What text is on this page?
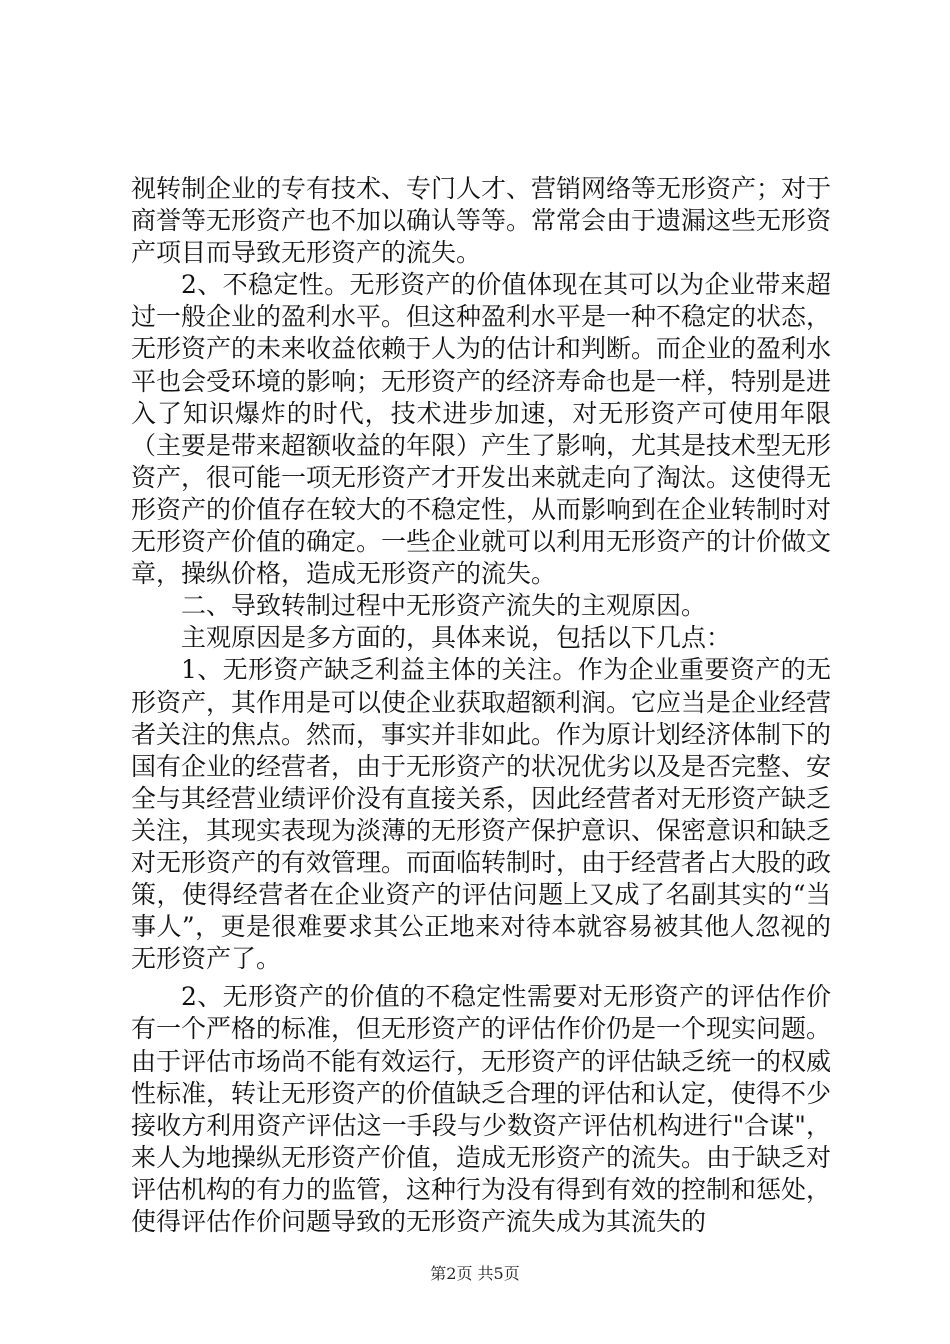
视转制企业的专有技术、专门人才、营销网络等无形资产；对于商誉等无形资产也不加以确认等等。常常会由于遗漏这些无形资产项目而导致无形资产的流失。

2、不稳定性。无形资产的价值体现在其可以为企业带来超过一般企业的盈利水平。但这种盈利水平是一种不稳定的状态，无形资产的未来收益依赖于人为的估计和判断。而企业的盈利水平也会受环境的影响；无形资产的经济寿命也是一样，特别是进入了知识爆炸的时代，技术进步加速，对无形资产可使用年限（主要是带来超额收益的年限）产生了影响，尤其是技术型无形资产，很可能一项无形资产才开发出来就走向了淘汰。这使得无形资产的价值存在较大的不稳定性，从而影响到在企业转制时对无形资产价值的确定。一些企业就可以利用无形资产的计价做文章，操纵价格，造成无形资产的流失。

二、导致转制过程中无形资产流失的主观原因。

主观原因是多方面的，具体来说，包括以下几点：

1、无形资产缺乏利益主体的关注。作为企业重要资产的无形资产，其作用是可以使企业获取超额利润。它应当是企业经营者关注的焦点。然而，事实并非如此。作为原计划经济体制下的国有企业的经营者，由于无形资产的状况优劣以及是否完整、安全与其经营业绩评价没有直接关系，因此经营者对无形资产缺乏关注，其现实表现为淡薄的无形资产保护意识、保密意识和缺乏对无形资产的有效管理。而面临转制时，由于经营者占大股的政策，使得经营者在企业资产的评估问题上又成了名副其实的“当事人”，更是很难要求其公正地来对待本就容易被其他人忽视的无形资产了。

2、无形资产的价值的不稳定性需要对无形资产的评估作价有一个严格的标准，但无形资产的评估作价仍是一个现实问题。由于评估市场尚不能有效运行，无形资产的评估缺乏统一的权威性标准，转让无形资产的价值缺乏合理的评估和认定，使得不少接收方利用资产评估这一手段与少数资产评估机构进行"合谋"，来人为地操纵无形资产价值，造成无形资产的流失。由于缺乏对评估机构的有力的监管，这种行为没有得到有效的控制和惩处，使得评估作价问题导致的无形资产流失成为其流失的

第2页 共5页
